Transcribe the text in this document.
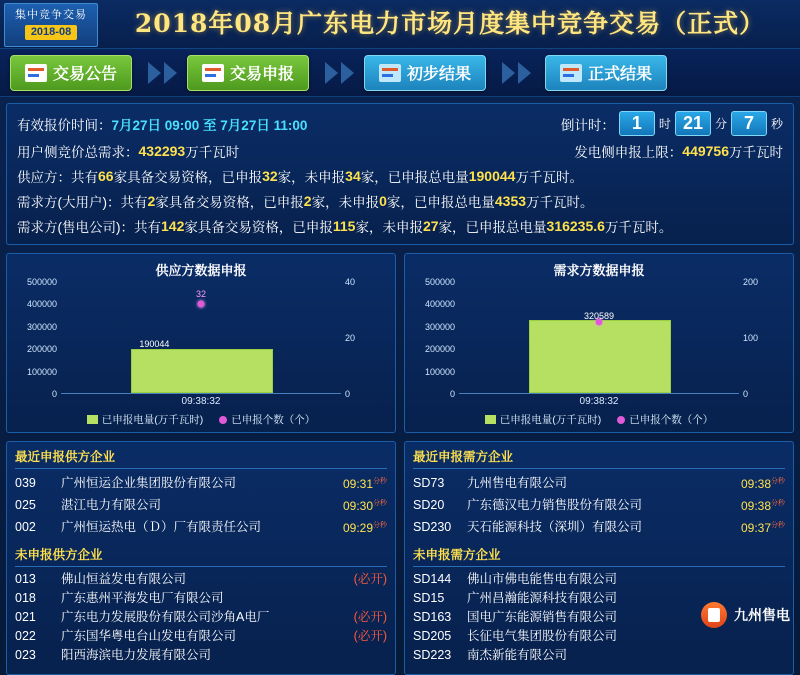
集中竞争交易
2018-08	2018年08月广东电力市场月度集中竞争交易（正式）
交易公告	交易申报	初步结果	正式结果
有效报价时间： 7月27日 09:00 至 7月27日 11:00	倒计时： 1	时 21	分 7	秒
用户侧竞价总需求： 432293 万千瓦时	发电侧申报上限： 449756 万千瓦时
供应方：共有 66 家具备交易资格，已申报 32 家，未申报 34 家，已申报总电量 190044 万千瓦时。
需求方(大用户)：共有 2 家具备交易资格，已申报 2 家，未申报 0 家，已申报总电量 4353 万千瓦时。
需求方(售电公司)：共有 142 家具备交易资格，已申报 115 家，未申报 27 家，已申报总电量 316235.6 万千瓦时。
供应方数据申报
500000
400000
300000
200000
100000
0
40
20
0
190044
32
09:38:32
已申报电量(万千瓦时)	已申报个数（个）
需求方数据申报
500000
400000
300000
200000
100000
0
200
100
0
320589
09:38:32
已申报电量(万千瓦时)	已申报个数（个）
最近申报供方企业
039	广州恒运企业集团股份有限公司	$09:31^{分秒}$
025	湛江电力有限公司	$09:30^{分秒}$
002	广州恒运热电（Ｄ）厂有限责任公司	$09:29^{分秒}$
未申报供方企业
013	佛山恒益发电有限公司	(必开)
018	广东惠州平海发电厂有限公司
021	广东电力发展股份有限公司沙角A电厂	(必开)
022	广东国华粤电台山发电有限公司	(必开)
023	阳西海滨电力发展有限公司
最近申报需方企业
SD73	九州售电有限公司	$09:38^{分秒}$
SD20	广东德汉电力销售股份有限公司	$09:38^{分秒}$
SD230	天石能源科技（深圳）有限公司	$09:37^{分秒}$
未申报需方企业
SD144	佛山市佛电能售电有限公司
SD15	广州昌瀚能源科技有限公司
SD163	国电广东能源销售有限公司
SD205	长征电气集团股份有限公司
SD223	南杰新能有限公司
九州售电
